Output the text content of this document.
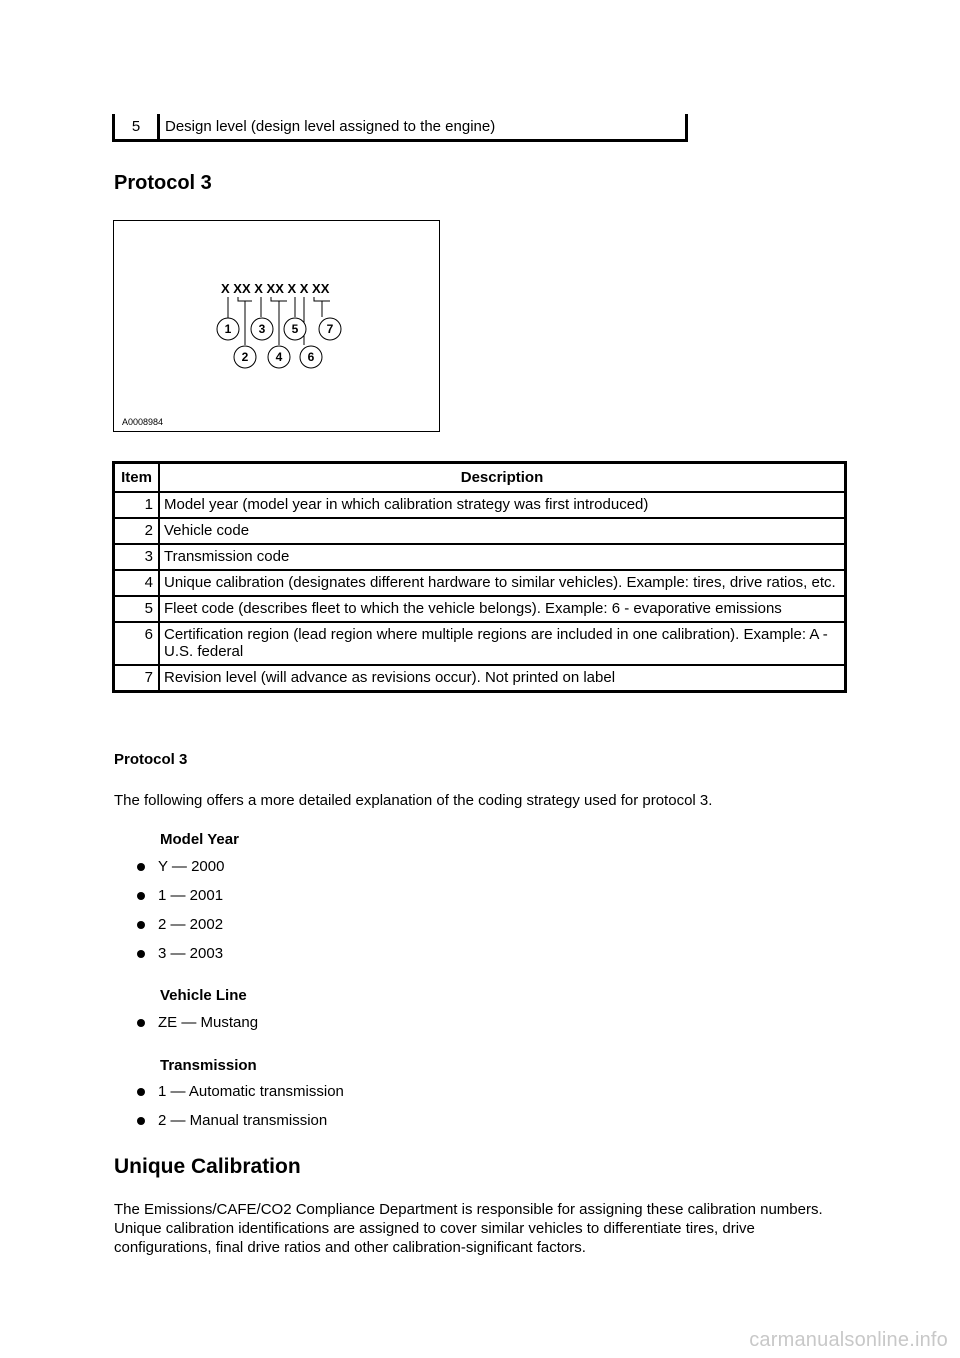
5	Design level (design level assigned to the engine)
Protocol 3
X XX X XX X X XX
1 3 5 7
2 4 6
A0008984
Item	Description
1	Model year (model year in which calibration strategy was first introduced)
2	Vehicle code
3	Transmission code
4	Unique calibration (designates different hardware to similar vehicles). Example: tires, drive ratios, etc.
5	Fleet code (describes fleet to which the vehicle belongs). Example: 6 - evaporative emissions
6	Certification region (lead region where multiple regions are included in one calibration). Example: A - U.S. federal
7	Revision level (will advance as revisions occur). Not printed on label
Protocol 3
The following offers a more detailed explanation of the coding strategy used for protocol 3.
Model Year
Y — 2000
1 — 2001
2 — 2002
3 — 2003
Vehicle Line
ZE — Mustang
Transmission
1 — Automatic transmission
2 — Manual transmission
Unique Calibration

The Emissions/CAFE/CO2 Compliance Department is responsible for assigning these calibration numbers. Unique calibration identifications are assigned to cover similar vehicles to differentiate tires, drive configurations, final drive ratios and other calibration-significant factors.

carmanualsonline.info
